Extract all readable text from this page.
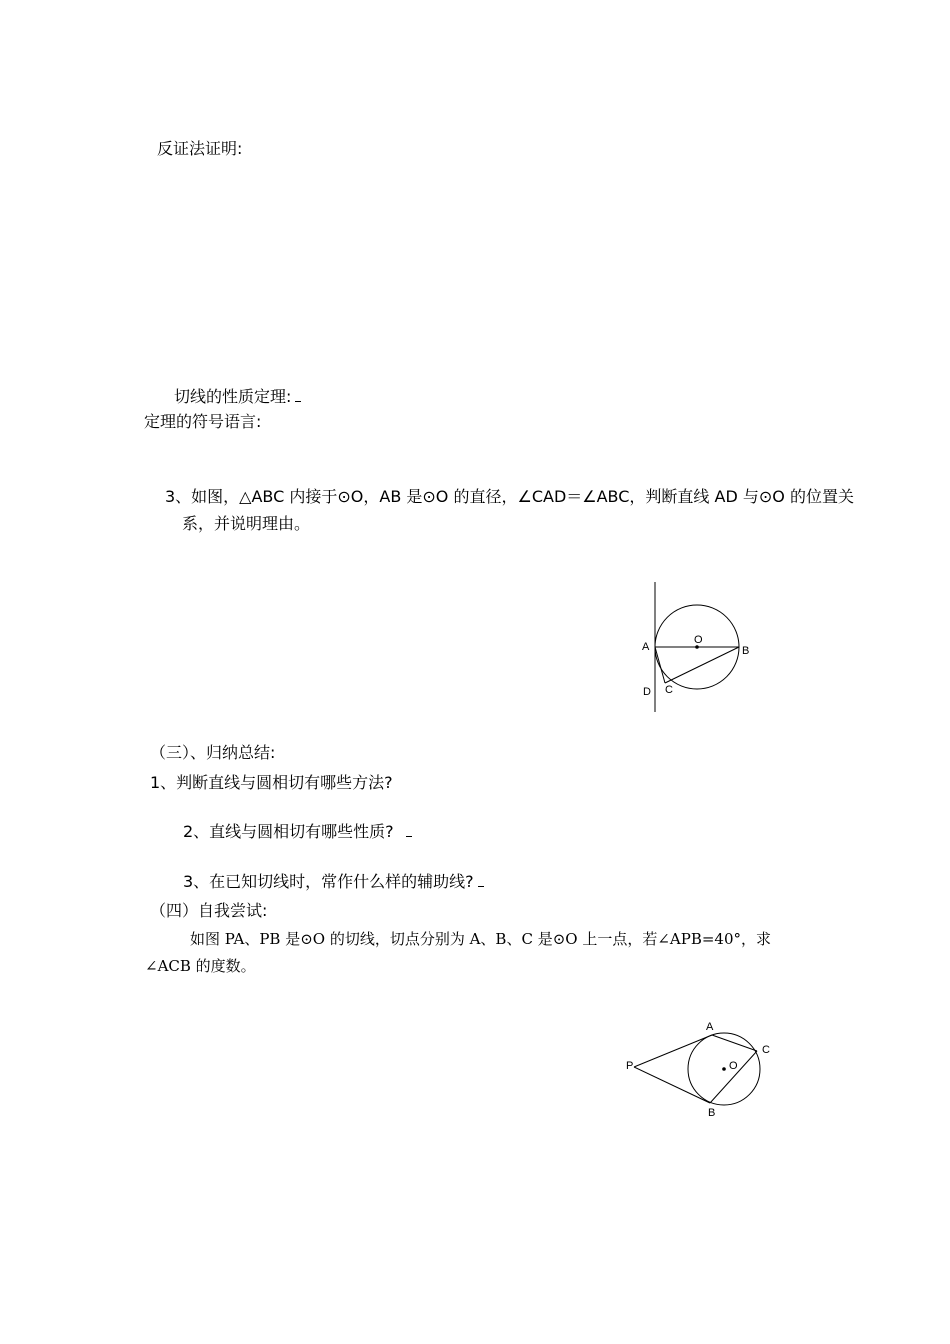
反证法证明:
切线的性质定理:
定理的符号语言:
3、如图，△ABC 内接于⊙O，AB 是⊙O 的直径，∠CAD＝∠ABC，判断直线 AD 与⊙O 的位置关
系，并说明理由。
O
A	B
C
D
（三）、归纳总结:
1、判断直线与圆相切有哪些方法?
2、直线与圆相切有哪些性质?
3、在已知切线时，常作什么样的辅助线?
（四）自我尝试:
如图 PA、PB 是⊙O 的切线，切点分别为 A、B、C 是⊙O 上一点，若∠APB=40°，求
∠ACB 的度数。
P
A
B
C
O
